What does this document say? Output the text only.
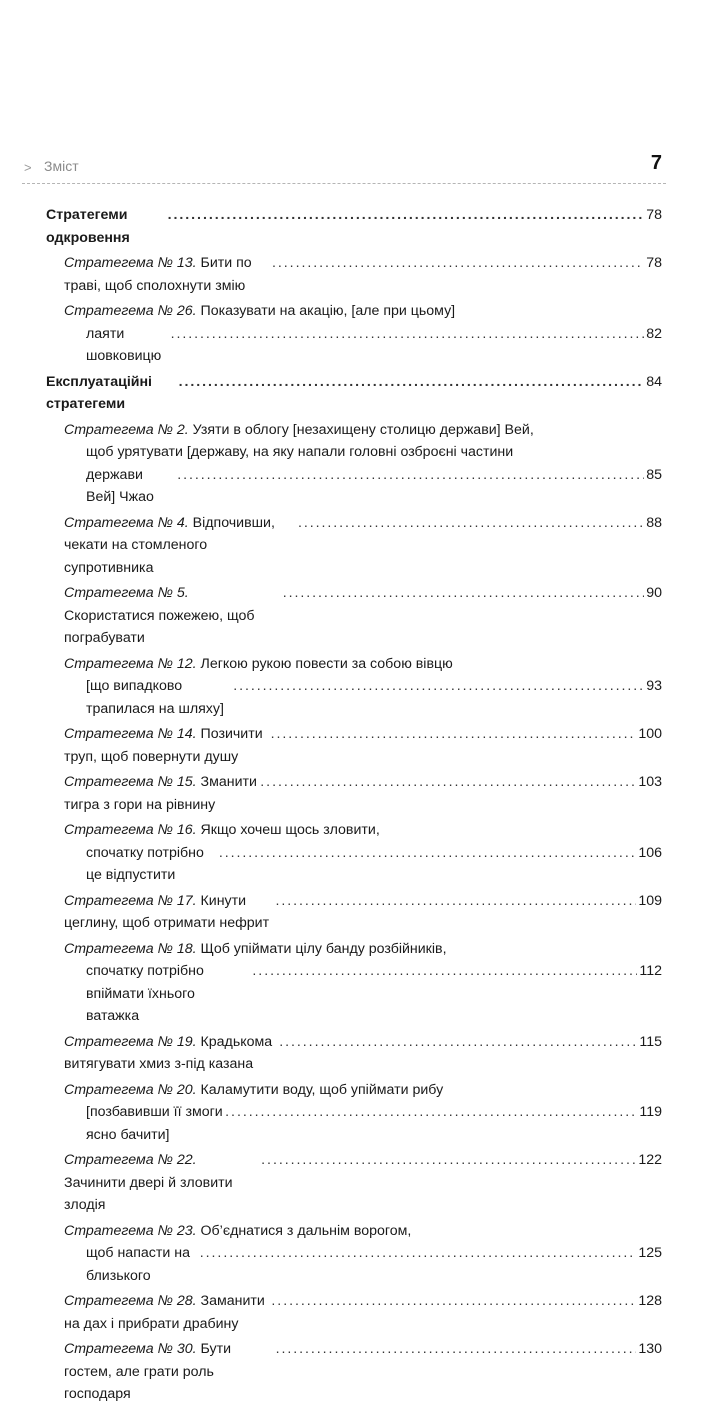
> Зміст	7
Стратегеми одкровення
. . .
78
Стратегема № 13. Бити по траві, щоб сполохнути змію
. . .
78
Стратегема № 26. Показувати на акацію, [але при цьому]
лаяти шовковицю
. . .
82
Експлуатаційні стратегеми
. . .
84
Стратегема № 2. Узяти в облогу [незахищену столицю держави] Вей,
щоб урятувати [державу, на яку напали головні озброєні частини
держави Вей] Чжао
. . .
85
Стратегема № 4. Відпочивши, чекати на стомленого супротивника
. . .
88
Стратегема № 5. Скористатися пожежею, щоб пограбувати
. . .
90
Стратегема № 12. Легкою рукою повести за собою вівцю
[що випадково трапилася на шляху]
. . .
93
Стратегема № 14. Позичити труп, щоб повернути душу
. . .
100
Стратегема № 15. Зманити тигра з гори на рівнину
. . .
103
Стратегема № 16. Якщо хочеш щось зловити,
спочатку потрібно це відпустити
. . .
106
Стратегема № 17. Кинути цеглину, щоб отримати нефрит
. . .
109
Стратегема № 18. Щоб упіймати цілу банду розбійників,
спочатку потрібно впіймати їхнього ватажка
. . .
112
Стратегема № 19. Крадькома витягувати хмиз з-під казана
. . .
115
Стратегема № 20. Каламутити воду, щоб упіймати рибу
[позбавивши її змоги ясно бачити]
. . .
119
Стратегема № 22. Зачинити двері й зловити злодія
. . .
122
Стратегема № 23. Об’єднатися з дальнім ворогом,
щоб напасти на близького
. . .
125
Стратегема № 28. Заманити на дах і прибрати драбину
. . .
128
Стратегема № 30. Бути гостем, але грати роль господаря
. . .
130
